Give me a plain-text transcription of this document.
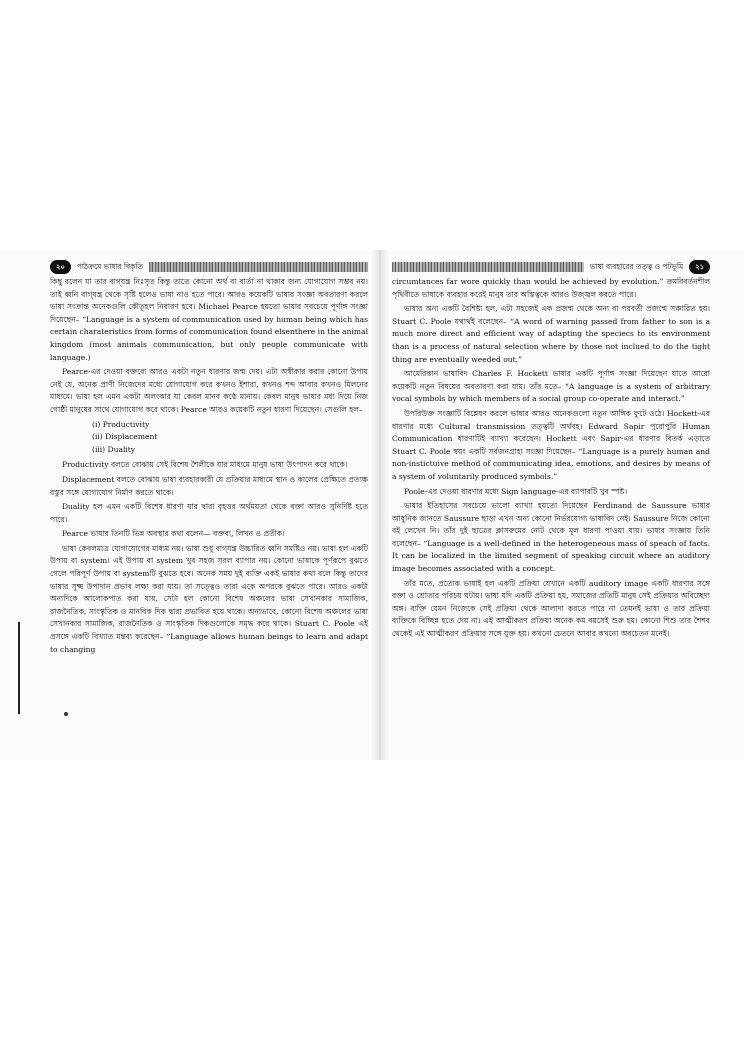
২০	পাঠক্রমে ভাষার বিকৃতি

কিছু বলেন যা তার বাগ্‌যন্ত্র নিঃসৃত কিন্তু তাতে কোনো অর্থ বা বার্তা না থাকার জন্য যোগাযোগ সম্ভব নয়। তাই ধ্বনি বাগ্‌যন্ত্র থেকে সৃষ্টি হলেও ভাষা নাও হতে পারে। আরও কয়েকটি ভাষার সংজ্ঞা অবতারণা করলে ভাষা সংক্রান্ত অনেকগুলি কৌতূহল নিবারণ হবে। Michael Pearce হয়তো ভাষার সবচেয়ে পূর্ণাঙ্গ সংজ্ঞা দিয়েছেন– “Language is a system of communication used by human being which has certain charateristics from forms of communication found elsenthere in the animal kingdom (most animals communication, but only people communicate with language.)

Pearce-এর দেওয়া বক্তব্যে আরও একটা নতুন ধারণার জন্ম দেয়। এটা অস্বীকার করার কোনো উপায় নেই যে, অনেক প্রাণী নিজেদের মধ্যে যোগাযোগ করে কখনও ইশারা, কখনও শব্দ আবার কখনও মিলনের মাধ্যমে। ভাষা হল এমন একটা অলংকার যা কেবল মানব কণ্ঠে মানায়। কেবল মানুষ ভাষার মধ্য দিয়ে নিজ গোষ্ঠী মানুষের সাথে যোগাযোগ করে থাকে। Pearce আরও কয়েকটি নতুন ধারণা দিয়েছেন। সেগুলি হল–

(i) Productivity
(ii) Displacement
(iii) Duality

Productivity বলতে বোঝায় সেই বিশেষ শৈলীকে যার মাধ্যমে মানুষ ভাষা উৎপাদন করে থাকে।

Displacement বলতে বোঝায় ভাষা ব্যবহারকারী যে প্রক্রিয়ার মাধ্যমে স্থান ও কালের প্রেক্ষিতে প্রত্যক্ষ বস্তুর সঙ্গে যোগাযোগ নির্মাণ করতে থাকে।

Duality হল এমন একটি বিশেষ ধারণা যার দ্বারা বৃহত্তর অর্থময়তা থেকে বক্তা আরও সুনির্দিষ্ট হতে পারে।

Pearce ভাষার তিনটি ভিন্ন অবস্থার কথা বলেন— বক্তব্য, লিখন ও প্রতীক।

ভাষা কেবলমাত্র যোগাযোগের মাধ্যম নয়। ভাষা শুধু বাগ্‌যন্ত্র উচ্চারিত ধ্বনি সমষ্টিও নয়। ভাষা হল একটি উপায় বা system। এই উপায় বা system খুব সহজ সরল ব্যাপার নয়। কোনো ভাষাকে পূর্ণরূপে বুঝতে গেলে পরিপূর্ণ উপায় বা systemটি বুঝতে হবে। অনেক সময় দুই ব্যক্তি একই ভাষার কথা বলে কিন্তু তাদের ভাষার সূক্ষ্ম উপাদান প্রভাব লক্ষ্য করা যায়। তা সত্ত্বেও তারা একে অপরকে বুঝতে পারে। আরও একটা অন্যদিকে আলোকপাত করা যায়, সেটা হল কোনো বিশেষ অঞ্চলের ভাষা সেখানকার সামাজিক, রাজনৈতিক, সাংস্কৃতিক ও মানবিক দিক দ্বারা প্রভাবিত হয়ে থাকে। অন্যভাবে, কোনো বিশেষ অঞ্চলের ভাষা সেখানকার সামাজিক, রাজনৈতিক ও সাংস্কৃতিক দিকগুলোকে সমৃদ্ধ করে থাকে। Stuart C. Poole এই প্রসঙ্গে একটি বিখ্যাত মন্তব্য করেছেন– “Language allows human beings to learn and adapt to changing

ভাষা ব্যবহারের তত্ত্ব ও পটভূমি	২১

circumtances far wore quickly than would be achieved by evolution.” ক্রমবিবর্তনশীল পৃথিবীতে ভাষাকে ব্যবহার করেই মানুষ তার অস্তিত্বকে আরও উজ্জ্বল করতে পারে।

ভাষার অন্য একটি বৈশিষ্ট্য হল, এটা সহজেই এক প্রজন্ম থেকে অন্য বা পরবর্তী প্রজন্মে সঞ্চারিত হয়। Stuart C. Poole যথার্থই বলেছেন– “A word of warning passed from father to son is a much more direct and efficient way of adapting the speciecs to its environment than is a process of natural selection where by those not inclued to do the tight thing are eventually weeded out.”

আমেরিকান ভাষাবিদ Charles F. Hockett ভাষার একটি পূর্ণাঙ্গ সংজ্ঞা দিয়েছেন যাতে আরো কয়েকটি নতুন বিষয়ের অবতারণা করা যায়। তাঁর মতে– “A language is a system of arbitrary vocal symbols by which members of a social group co-operate and interact.”

উপরিউক্ত সংজ্ঞাটি বিশ্লেষণ করলে ভাষার আরও অনেকগুলো নতুন আঙ্গিক ফুটে ওঠে। Hockett-এর ধারণার মধ্যে Cultural transmission তত্ত্বটি অর্থবহ। Edward Sapir পুরোপুরি Human Communication ধারণাটিই ব্যাখ্যা করেছেন। Hockett এবং Sapir-এর ধারণার বিতর্ক এড়াতে Stuart C. Poole স্বয়ং একটি সর্বজনগ্রাহ্য সংজ্ঞা দিয়েছেন– “Language is a purely human and non-instictuive method of communicating idea, emotions, and desires by means of a system of voluntarily produced symbols.”

Poole-এর দেওয়া ধারণার মধ্যে Sign language-এর ব্যাপারটি খুব স্পষ্ট।

ভাষার ইতিহাসের সবচেয়ে ভালো ব্যাখ্যা হয়তো দিয়েছেন Ferdinand de Saussure ভাষার আধুনিক জানতে Saussure ছাড়া এখন অন্য কোনো নির্ভরযোগ্য ভাষাবিদ নেই। Saussure নিজে কোনো বই লেখেন নি। তাঁর দুই ছাত্রের ক্লাসরুমের নোট থেকে মূল ধারণা পাওয়া যায়। ভাষার সংজ্ঞায় তিনি বলেছেন– “Language is a well-defined in the heterogeneous mass of speach of facts. It can be localized in the limited segment of speaking circuit where an auditory image becomes associated with a concept.

তাঁর মতে, প্রত্যেক ভাষাই হল একটি প্রক্রিয়া যেখানে একটি auditory image একটি ধারণার সঙ্গে বক্তা ও শ্রোতার পরিচয় ঘটায়। ভাষা যদি একটি প্রক্রিয়া হয়, সমাজের প্রতিটি মানুষ সেই প্রক্রিয়ার অবিচ্ছেদ্য অঙ্গ। ব্যক্তি যেমন নিজেকে সেই প্রক্রিয়া থেকে আলাদা করতে পারে না তেমনই ভাষা ও তার প্রক্রিয়া ব্যক্তিকে বিচ্ছিন্ন হতে দেয় না। এই আত্মীকরণ প্রক্রিয়া অনেক কম বয়সেই শুরু হয়। কোনো শিশু তার শৈশব থেকেই এই আত্মীকরণ প্রক্রিয়ার সঙ্গে যুক্ত হয়। কখনো চেতনে আবার কখনো অবচেতন মনেই।
